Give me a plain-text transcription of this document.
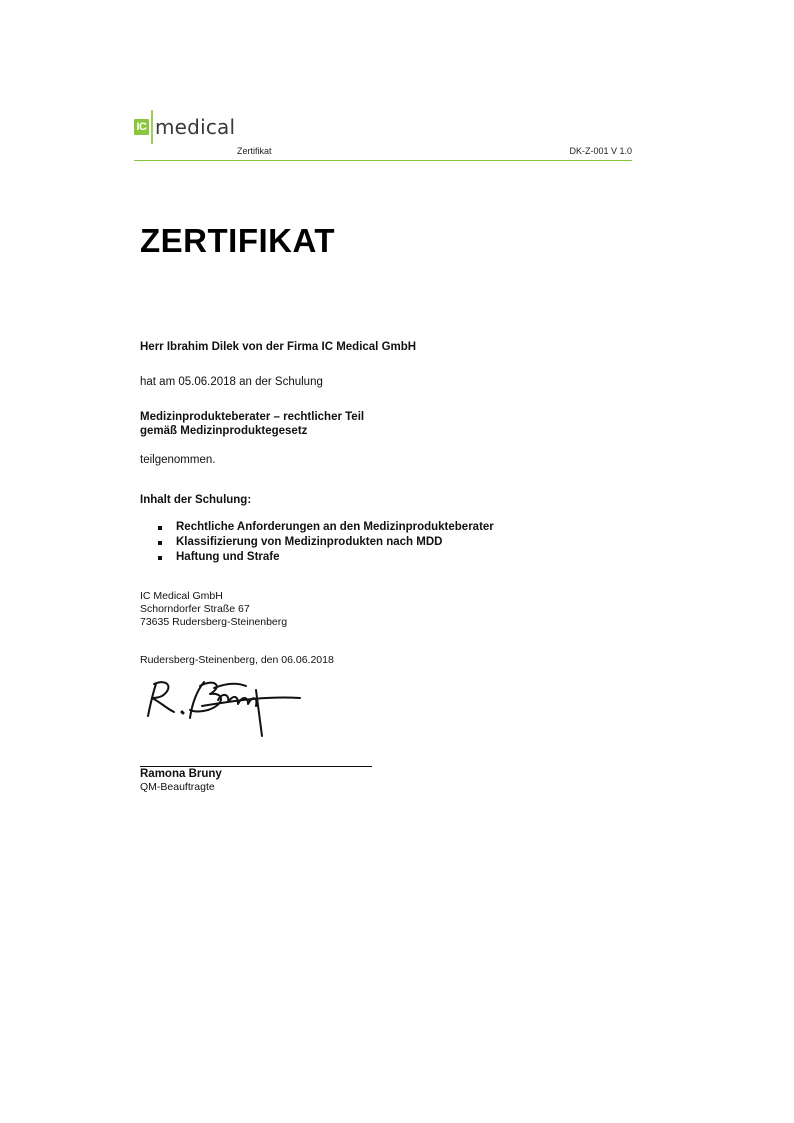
IC medical
Zertifikat	DK-Z-001 V 1.0
ZERTIFIKAT

Herr Ibrahim Dilek von der Firma IC Medical GmbH

hat am 05.06.2018 an der Schulung

Medizinprodukteberater – rechtlicher Teil

gemäß Medizinproduktegesetz

teilgenommen.

Inhalt der Schulung:

Rechtliche Anforderungen an den Medizinprodukteberater
Klassifizierung von Medizinprodukten nach MDD
Haftung und Strafe
IC Medical GmbH
Schorndorfer Straße 67
73635 Rudersberg-Steinenberg

Rudersberg-Steinenberg, den 06.06.2018

Ramona Bruny
QM-Beauftragte
